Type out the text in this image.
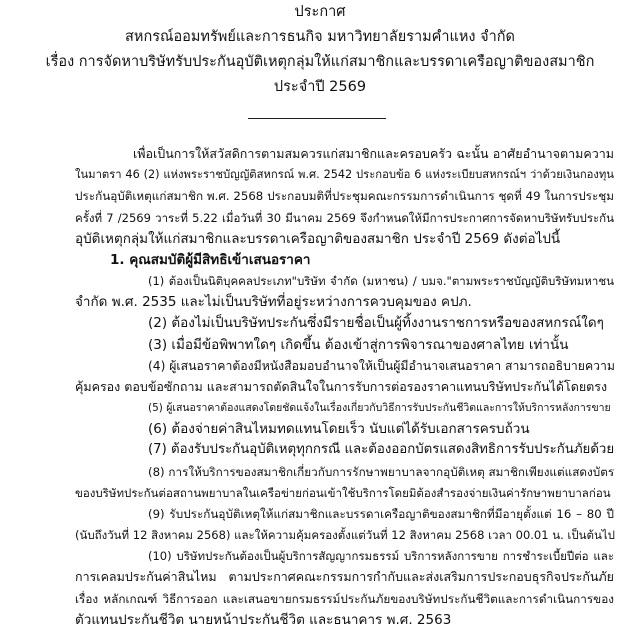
ประกาศ
สหกรณ์ออมทรัพย์และการธนกิจ มหาวิทยาลัยรามคำแหง จำกัด
เรื่อง การจัดหาบริษัทรับประกันอุบัติเหตุกลุ่มให้แก่สมาชิกและบรรดาเครือญาติของสมาชิก
ประจำปี 2569
เพื่อเป็นการให้สวัสดิการตามสมควรแก่สมาชิกและครอบครัว ฉะนั้น อาศัยอำนาจตามความ
ในมาตรา 46 (2) แห่งพระราชบัญญัติสหกรณ์ พ.ศ. 2542 ประกอบข้อ 6 แห่งระเบียบสหกรณ์ฯ ว่าด้วยเงินกองทุน
ประกันอุบัติเหตุแก่สมาชิก พ.ศ. 2568 ประกอบมติที่ประชุมคณะกรรมการดำเนินการ ชุดที่ 49 ในการประชุม
ครั้งที่ 7 /2569 วาระที่ 5.22 เมื่อวันที่ 30 มีนาคม 2569 จึงกำหนดให้มีการประกาศการจัดหาบริษัทรับประกัน
อุบัติเหตุกลุ่มให้แก่สมาชิกและบรรดาเครือญาติของสมาชิก ประจำปี 2569 ดังต่อไปนี้
1. คุณสมบัติผู้มีสิทธิเข้าเสนอราคา
(1) ต้องเป็นนิติบุคคลประเภท"บริษัท จำกัด (มหาชน) / บมจ."ตามพระราชบัญญัติบริษัทมหาชน
จำกัด พ.ศ. 2535 และไม่เป็นบริษัทที่อยู่ระหว่างการควบคุมของ คปภ.
(2) ต้องไม่เป็นบริษัทประกันซึ่งมีรายชื่อเป็นผู้ทิ้งงานราชการหรือของสหกรณ์ใดๆ
(3) เมื่อมีข้อพิพาทใดๆ เกิดขึ้น ต้องเข้าสู่การพิจารณาของศาลไทย เท่านั้น
(4) ผู้เสนอราคาต้องมีหนังสือมอบอำนาจให้เป็นผู้มีอำนาจเสนอราคา สามารถอธิบายความ
คุ้มครอง ตอบข้อซักถาม และสามารถตัดสินใจในการรับการต่อรองราคาแทนบริษัทประกันได้โดยตรง
(5) ผู้เสนอราคาต้องแสดงโดยชัดแจ้งในเรื่องเกี่ยวกับวิธีการรับประกันชีวิตและการให้บริการหลังการขาย
(6) ต้องจ่ายค่าสินไหมทดแทนโดยเร็ว นับแต่ได้รับเอกสารครบถ้วน
(7) ต้องรับประกันอุบัติเหตุทุกกรณี และต้องออกบัตรแสดงสิทธิการรับประกันภัยด้วย
(8) การให้บริการของสมาชิกเกี่ยวกับการรักษาพยาบาลจากอุบัติเหตุ สมาชิกเพียงแต่แสดงบัตร
ของบริษัทประกันต่อสถานพยาบาลในเครือข่ายก่อนเข้าใช้บริการโดยมิต้องสำรองจ่ายเงินค่ารักษาพยาบาลก่อน
(9) รับประกันอุบัติเหตุให้แก่สมาชิกและบรรดาเครือญาติของสมาชิกที่มีอายุตั้งแต่ 16 – 80 ปี
(นับถึงวันที่ 12 สิงหาคม 2568) และให้ความคุ้มครองตั้งแต่วันที่ 12 สิงหาคม 2568 เวลา 00.01 น. เป็นต้นไป
(10) บริษัทประกันต้องเป็นผู้บริการสัญญากรมธรรม์ บริการหลังการขาย การชำระเบี้ยปีต่อ และ
การเคลมประกันค่าสินไหม ตามประกาศคณะกรรมการกำกับและส่งเสริมการประกอบธุรกิจประกันภัย
เรื่อง หลักเกณฑ์ วิธีการออก และเสนอขายกรมธรรม์ประกันภัยของบริษัทประกันชีวิตและการดำเนินการของ
ตัวแทนประกันชีวิต นายหน้าประกันชีวิต และธนาคาร พ.ศ. 2563
